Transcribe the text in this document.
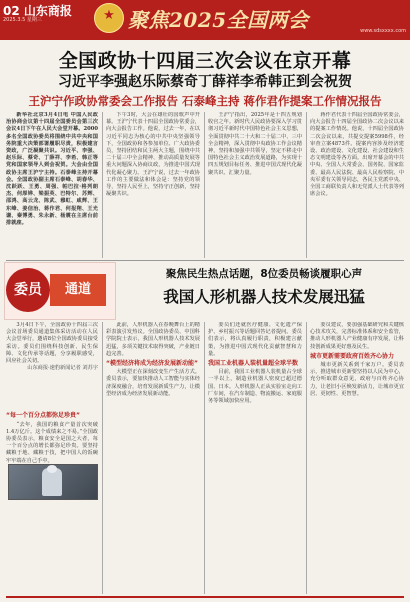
02 山东商报
2025.3.5 星期三	★ 聚焦2025全国两会	www.sdsxxxx.com
全国政协十四届三次会议在京开幕
习近平李强赵乐际蔡奇丁薛祥李希韩正到会祝贺
王沪宁作政协常委会工作报告 石泰峰主持 蒋作君作提案工作情况报告

新华社北京3月4日电 中国人民政治协商会议第十四届全国委员会第三次会议4日下午在人民大会堂开幕。2000多名全国政协委员将围绕中共中央和国务院重大决策部署履职尽责，积极建言资政，广泛凝聚共识。习近平、李强、赵乐际、蔡奇、丁薛祥、李希、韩正等党和国家领导人到会祝贺。大会由全国政协主席王沪宁主持。石泰峰主持开幕会。全国政协副主席石泰峰、胡春华、沈跃跃、王勇、周强、帕巴拉·格列朗杰、何厚铧、梁振英、巴特尔、苏辉、邵鸿、高云龙、陈武、穆虹、咸辉、王东峰、姜信治、蒋作君、何报翔、王光谦、秦博勇、朱永新、杨震在主席台前排就座。

下午3时，大会在雄壮的国歌声中开幕。王沪宁代表十四届全国政协常委会，向大会报告工作。他说，过去一年，在以习近平同志为核心的中共中央坚强领导下，全国政协和各参加单位、广大政协委员，坚持团结和民主两大主题，围绕中共二十届三中全会精神、推动高质量发展等重大问题深入协商议政，为推进中国式现代化凝心聚力。王沪宁说，过去一年政协工作的主要做法和体会是：坚持党的领导，坚持人民至上，坚持守正创新，坚持凝聚共识。

王沪宁指出，2025年是十四五规划收官之年。新时代人民政协要深入学习贯彻习近平新时代中国特色社会主义思想，全面贯彻中共二十大和二十届二中、三中全会精神，深入贯彻中央政协工作会议精神，坚持和加强中共领导，坚定不移走中国特色社会主义政治发展道路，为实现十四五规划目标任务、推进中国式现代化凝聚共识、汇聚力量。

蒋作君代表十四届全国政协常委会，向大会报告十四届全国政协二次会议以来的提案工作情况。他说，十四届全国政协二次会议以来，共提交提案5998件，经审查立案4873件。提案内容涉及经济建设、政治建设、文化建设、社会建设和生态文明建设等各方面。出席开幕会的中共中央、全国人大常委会、国务院、国家监委、最高人民法院、最高人民检察院、中央军委有关领导同志，各民主党派中央、全国工商联负责人和无党派人士代表等列席会议。

委员	通道
聚焦民生热点话题，8位委员畅谈履职心声
我国人形机器人技术发展迅猛

3月4日下午，全国政协十四届三次会议首场委员通道集体采访活动在人民大会堂举行，邀请8位全国政协委员接受采访。委员们围绕科技创新、民生保障、文化传承等话题，分享履职感受，回应社会关切。

山东商报·速豹新闻记者 刘苏宇
“每一个百分点都弥足珍贵”

“去年，我国的粮食产量首次突破1.4万亿斤。这个成绩来之不易。”全国政协委员表示，粮食安全是国之大者，每一个百分点的增长都弥足珍贵。要坚持藏粮于地、藏粮于技，把中国人的饭碗牢牢端在自己手中。

此前，人形机器人在春晚舞台上的精彩表演引发热议。全国政协委员、中国科学院院士表示，我国人形机器人技术发展迅猛，多项关键技术取得突破，产业链日趋完善。

“模型经济将成为经济发展新动能”

大模型正在深刻改变生产生活方式。委员表示，要加快推动人工智能与实体经济深度融合，培育发展新质生产力，让模型经济成为经济发展新动能。

委员们还就医疗健康、文化遗产保护、乡村振兴等话题回答记者提问。委员们表示，将认真履行职责，积极建言献策，为推进中国式现代化贡献智慧和力量。

我国工业机器人装机量超全球半数

目前，我国工业机器人装机量占全球一半以上，制造业机器人密度已超过德国、日本。人形机器人正从实验室走向工厂车间，在汽车制造、物流搬运、家庭服务等领域加快应用。

委员建议，要加强基础研究和关键核心技术攻关，完善标准体系和安全监管，推动人形机器人产业健康有序发展，让科技创新成果更好惠及民生。

城市更新需要政府百姓齐心协力

城市更新关系到千家万户。委员表示，推进城市更新要坚持以人民为中心，充分听取群众意见，政府与百姓齐心协力，让老旧小区焕发新活力，让城市更宜居、更韧性、更智慧。
